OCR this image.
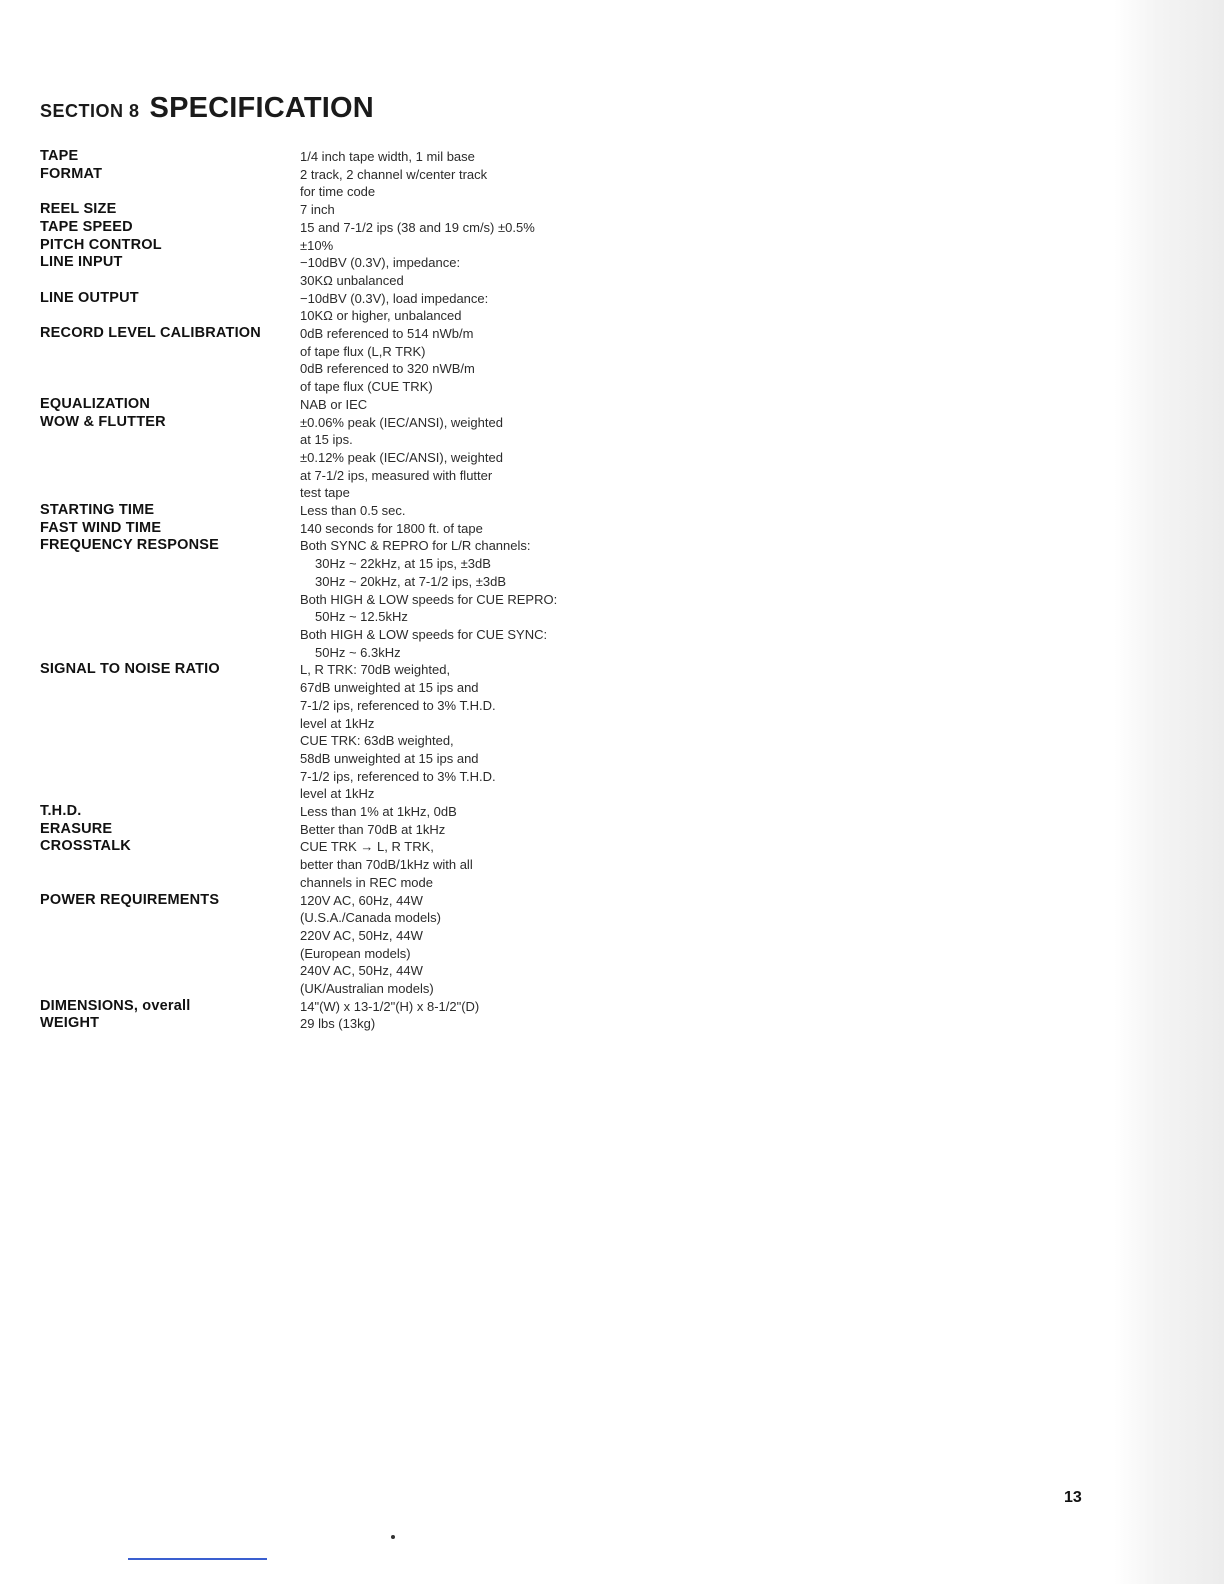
SECTION 8 SPECIFICATION
TAPE	1/4 inch tape width, 1 mil base
FORMAT	2 track, 2 channel w/center track
for time code
REEL SIZE	7 inch
TAPE SPEED	15 and 7-1/2 ips (38 and 19 cm/s) ±0.5%
PITCH CONTROL	±10%
LINE INPUT	−10dBV (0.3V), impedance:
30KΩ unbalanced
LINE OUTPUT	−10dBV (0.3V), load impedance:
10KΩ or higher, unbalanced
RECORD LEVEL CALIBRATION	0dB referenced to 514 nWb/m
of tape flux (L,R TRK)
0dB referenced to 320 nWB/m
of tape flux (CUE TRK)
EQUALIZATION	NAB or IEC
WOW & FLUTTER	±0.06% peak (IEC/ANSI), weighted
at 15 ips.
±0.12% peak (IEC/ANSI), weighted
at 7-1/2 ips, measured with flutter
test tape
STARTING TIME	Less than 0.5 sec.
FAST WIND TIME	140 seconds for 1800 ft. of tape
FREQUENCY RESPONSE	Both SYNC & REPRO for L/R channels:
30Hz ~ 22kHz, at 15 ips, ±3dB
30Hz ~ 20kHz, at 7-1/2 ips, ±3dB
Both HIGH & LOW speeds for CUE REPRO:
50Hz ~ 12.5kHz
Both HIGH & LOW speeds for CUE SYNC:
50Hz ~ 6.3kHz
SIGNAL TO NOISE RATIO	L, R TRK: 70dB weighted,
67dB unweighted at 15 ips and
7-1/2 ips, referenced to 3% T.H.D.
level at 1kHz
CUE TRK: 63dB weighted,
58dB unweighted at 15 ips and
7-1/2 ips, referenced to 3% T.H.D.
level at 1kHz
T.H.D.	Less than 1% at 1kHz, 0dB
ERASURE	Better than 70dB at 1kHz
CROSSTALK	CUE TRK → L, R TRK,
better than 70dB/1kHz with all
channels in REC mode
POWER REQUIREMENTS	120V AC, 60Hz, 44W
(U.S.A./Canada models)
220V AC, 50Hz, 44W
(European models)
240V AC, 50Hz, 44W
(UK/Australian models)
DIMENSIONS, overall	14"(W) x 13-1/2"(H) x 8-1/2"(D)
WEIGHT	29 lbs (13kg)
13
